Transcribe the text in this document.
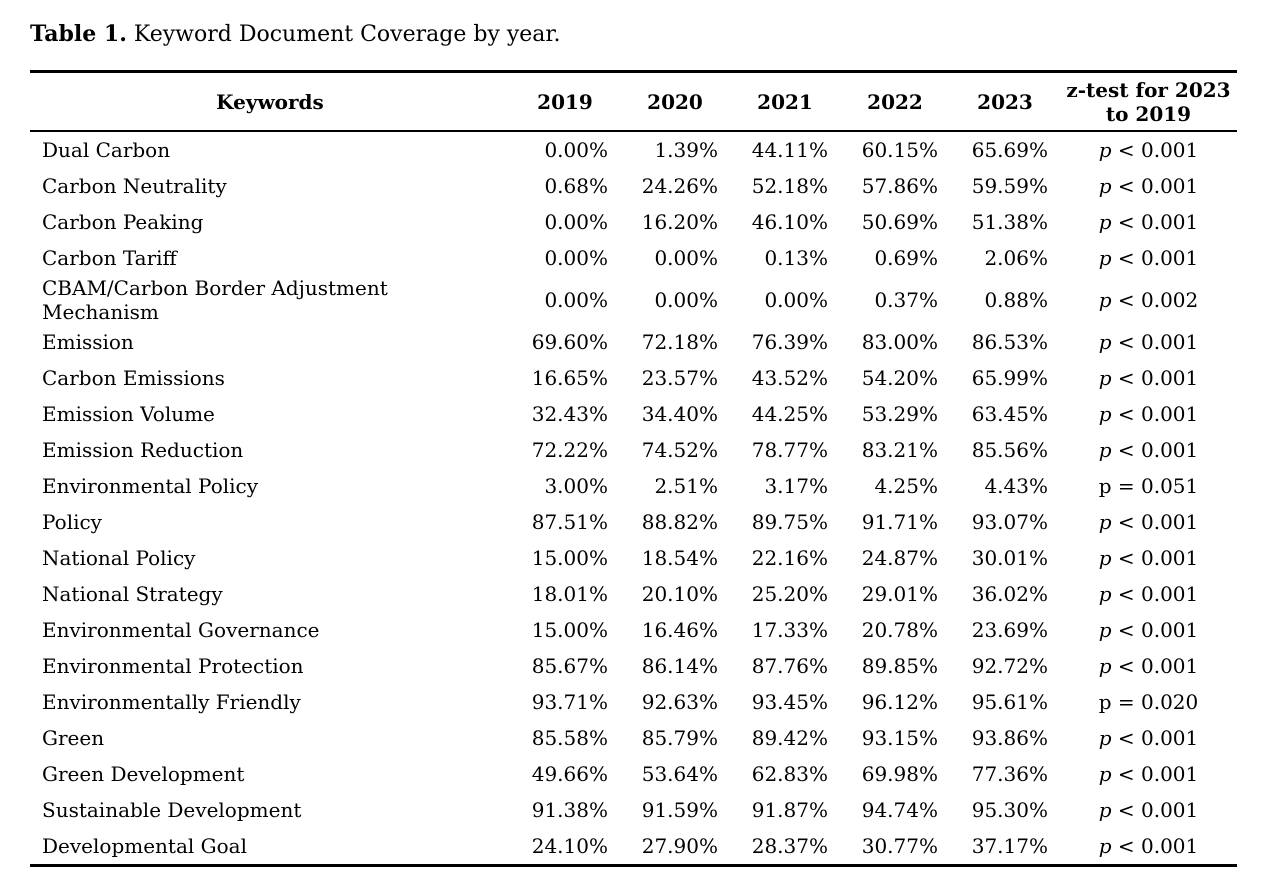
Table 1. Keyword Document Coverage by year.
Keywords	2019	2020	2021	2022	2023	z-test for 2023
to 2019

Dual Carbon	0.00%	1.39%	44.11%	60.15%	65.69%	p < 0.001
Carbon Neutrality	0.68%	24.26%	52.18%	57.86%	59.59%	p < 0.001
Carbon Peaking	0.00%	16.20%	46.10%	50.69%	51.38%	p < 0.001
Carbon Tariff	0.00%	0.00%	0.13%	0.69%	2.06%	p < 0.001
CBAM/Carbon Border Adjustment Mechanism	0.00%	0.00%	0.00%	0.37%	0.88%	p < 0.002
Emission	69.60%	72.18%	76.39%	83.00%	86.53%	p < 0.001
Carbon Emissions	16.65%	23.57%	43.52%	54.20%	65.99%	p < 0.001
Emission Volume	32.43%	34.40%	44.25%	53.29%	63.45%	p < 0.001
Emission Reduction	72.22%	74.52%	78.77%	83.21%	85.56%	p < 0.001
Environmental Policy	3.00%	2.51%	3.17%	4.25%	4.43%	p = 0.051
Policy	87.51%	88.82%	89.75%	91.71%	93.07%	p < 0.001
National Policy	15.00%	18.54%	22.16%	24.87%	30.01%	p < 0.001
National Strategy	18.01%	20.10%	25.20%	29.01%	36.02%	p < 0.001
Environmental Governance	15.00%	16.46%	17.33%	20.78%	23.69%	p < 0.001
Environmental Protection	85.67%	86.14%	87.76%	89.85%	92.72%	p < 0.001
Environmentally Friendly	93.71%	92.63%	93.45%	96.12%	95.61%	p = 0.020
Green	85.58%	85.79%	89.42%	93.15%	93.86%	p < 0.001
Green Development	49.66%	53.64%	62.83%	69.98%	77.36%	p < 0.001
Sustainable Development	91.38%	91.59%	91.87%	94.74%	95.30%	p < 0.001
Developmental Goal	24.10%	27.90%	28.37%	30.77%	37.17%	p < 0.001
